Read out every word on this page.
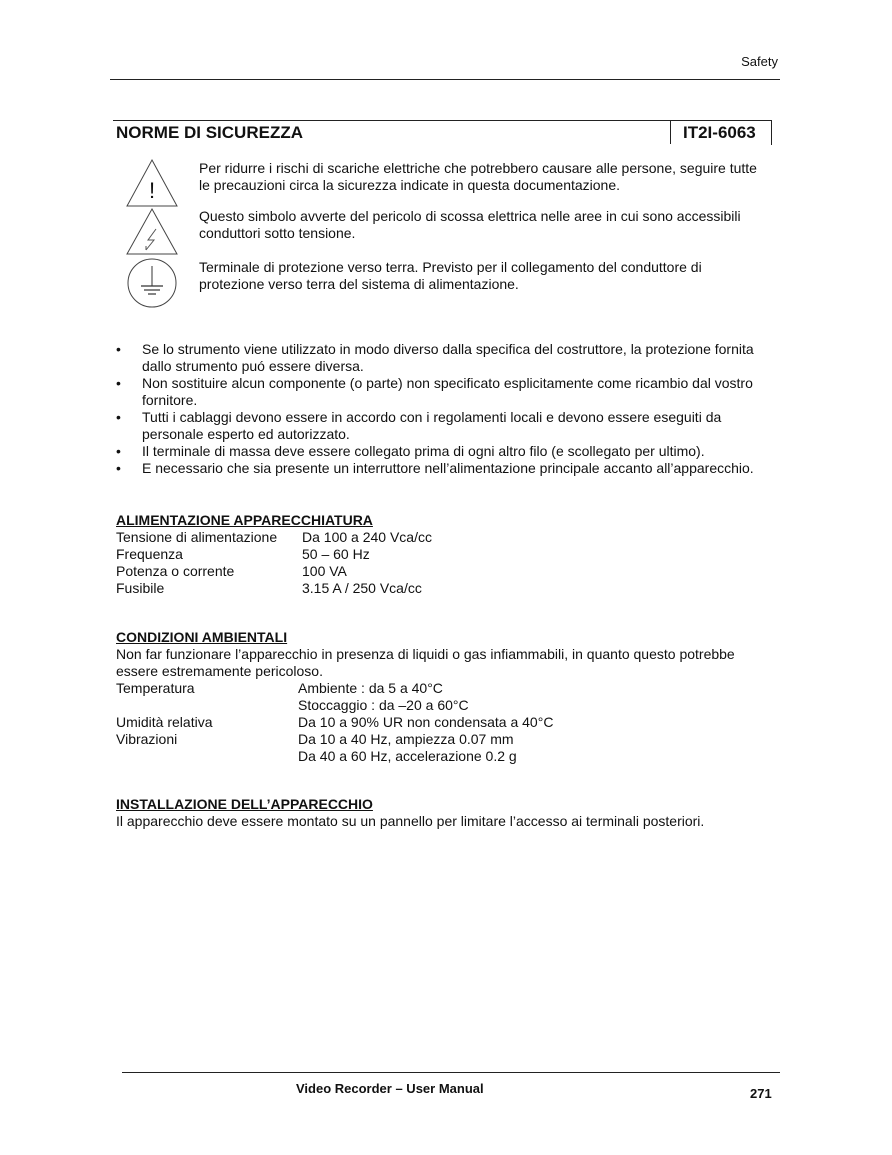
Safety
NORME DI SICUREZZA	IT2I-6063
!
Per ridurre i rischi di scariche elettriche che potrebbero causare alle persone, seguire tutte le precauzioni circa la sicurezza indicate in questa documentazione.
Questo simbolo avverte del pericolo di scossa elettrica nelle aree in cui sono accessibili conduttori sotto tensione.
Terminale di protezione verso terra. Previsto per il collegamento del conduttore di protezione verso terra del sistema di alimentazione.
•	Se lo strumento viene utilizzato in modo diverso dalla specifica del costruttore, la protezione fornita dallo strumento puó essere diversa.
•	Non sostituire alcun componente (o parte) non specificato esplicitamente come ricambio dal vostro fornitore.
•	Tutti i cablaggi devono essere in accordo con i regolamenti locali e devono essere eseguiti da personale esperto ed autorizzato.
•	Il terminale di massa deve essere collegato prima di ogni altro filo (e scollegato per ultimo).
•	E necessario che sia presente un interruttore nell’alimentazione principale accanto all’apparecchio.
ALIMENTAZIONE APPARECCHIATURA
Tensione di alimentazione	Da 100 a 240 Vca/cc
Frequenza	50 – 60 Hz
Potenza o corrente	100 VA
Fusibile	3.15 A / 250 Vca/cc
CONDIZIONI AMBIENTALI
Non far funzionare l’apparecchio in presenza di liquidi o gas infiammabili, in quanto questo potrebbe essere estremamente pericoloso.
Temperatura	Ambiente : da 5 a 40°C
Stoccaggio : da –20 a 60°C
Umidità relativa	Da 10 a 90% UR non condensata a 40°C
Vibrazioni	Da 10 a 40 Hz, ampiezza 0.07 mm
Da 40 a 60 Hz, accelerazione 0.2 g
INSTALLAZIONE DELL’APPARECCHIO
Il apparecchio deve essere montato su un pannello per limitare l’accesso ai terminali posteriori.
Video Recorder – User Manual	271
